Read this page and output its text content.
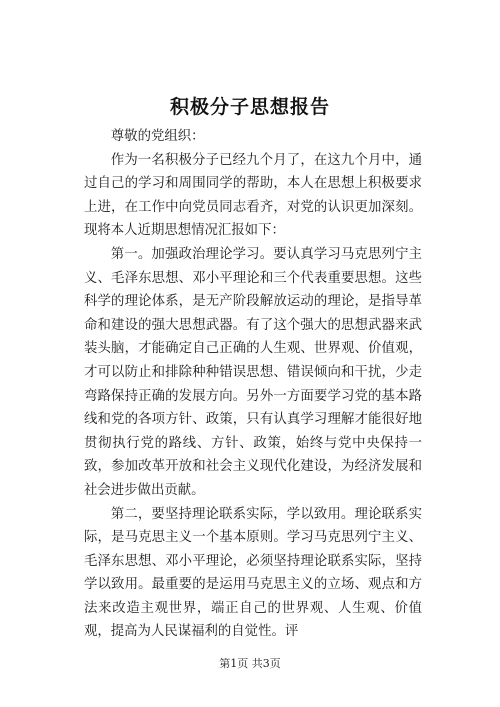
积极分子思想报告

尊敬的党组织：

作为一名积极分子已经九个月了，在这九个月中，通过自己的学习和周围同学的帮助，本人在思想上积极要求上进，在工作中向党员同志看齐，对党的认识更加深刻。现将本人近期思想情况汇报如下：

第一。加强政治理论学习。要认真学习马克思列宁主义、毛泽东思想、邓小平理论和三个代表重要思想。这些科学的理论体系，是无产阶段解放运动的理论，是指导革命和建设的强大思想武器。有了这个强大的思想武器来武装头脑，才能确定自己正确的人生观、世界观、价值观，才可以防止和排除种种错误思想、错误倾向和干扰，少走弯路保持正确的发展方向。另外一方面要学习党的基本路线和党的各项方针、政策，只有认真学习理解才能很好地贯彻执行党的路线、方针、政策，始终与党中央保持一致，参加改革开放和社会主义现代化建设，为经济发展和社会进步做出贡献。

第二，要坚持理论联系实际，学以致用。理论联系实际，是马克思主义一个基本原则。学习马克思列宁主义、毛泽东思想、邓小平理论，必须坚持理论联系实际，坚持学以致用。最重要的是运用马克思主义的立场、观点和方法来改造主观世界，端正自己的世界观、人生观、价值观，提高为人民谋福利的自觉性。评

第1页 共3页
